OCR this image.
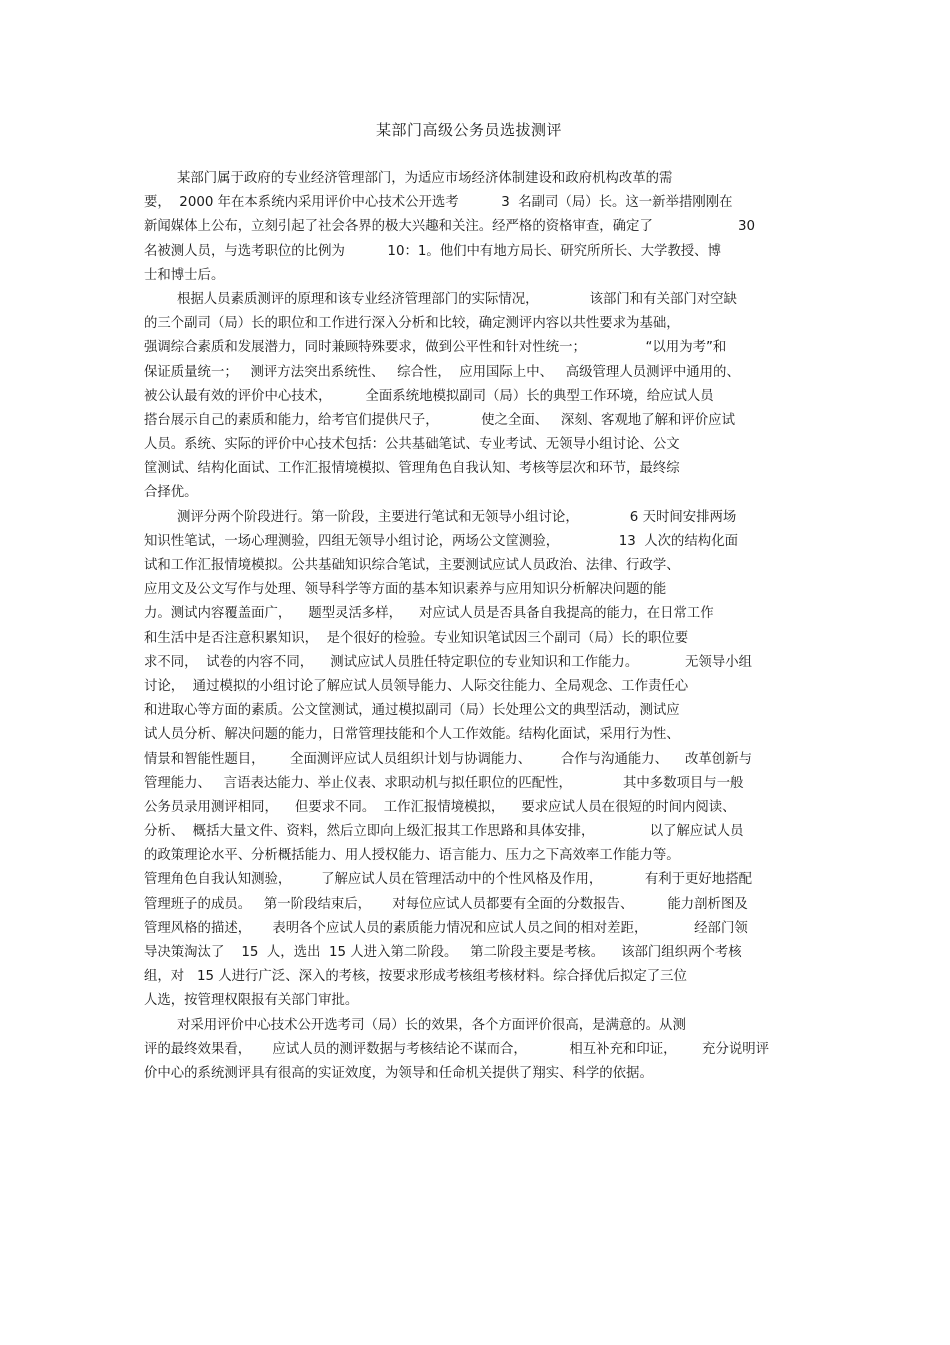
某部门高级公务员选拔测评
某部门属于政府的专业经济管理部门，为适应市场经济体制建设和政府机构改革的需
要，  2000 年在本系统内采用评价中心技术公开选考          3  名副司（局）长。这一新举措刚刚在
新闻媒体上公布，立刻引起了社会各界的极大兴趣和关注。经严格的资格审查，确定了                    30
名被测人员，与选考职位的比例为          10：1。他们中有地方局长、研究所所长、大学教授、博
士和博士后。
根据人员素质测评的原理和该专业经济管理部门的实际情况，            该部门和有关部门对空缺
的三个副司（局）长的职位和工作进行深入分析和比较，确定测评内容以共性要求为基础，
强调综合素质和发展潜力，同时兼顾特殊要求，做到公平性和针对性统一；              “以用为考”和
保证质量统一；   测评方法突出系统性、   综合性，  应用国际上中、   高级管理人员测评中通用的、
被公认最有效的评价中心技术，        全面系统地模拟副司（局）长的典型工作环境，给应试人员
搭台展示自己的素质和能力，给考官们提供尺子，          使之全面、   深刻、客观地了解和评价应试
人员。系统、实际的评价中心技术包括：公共基础笔试、专业考试、无领导小组讨论、公文
筐测试、结构化面试、工作汇报情境模拟、管理角色自我认知、考核等层次和环节，最终综
合择优。
测评分两个阶段进行。第一阶段，主要进行笔试和无领导小组讨论，            6 天时间安排两场
知识性笔试，一场心理测验，四组无领导小组讨论，两场公文筐测验，              13  人次的结构化面
试和工作汇报情境模拟。公共基础知识综合笔试，主要测试应试人员政治、法律、行政学、
应用文及公文写作与处理、领导科学等方面的基本知识素养与应用知识分析解决问题的能
力。测试内容覆盖面广，    题型灵活多样，    对应试人员是否具备自我提高的能力，在日常工作
和生活中是否注意积累知识，  是个很好的检验。专业知识笔试因三个副司（局）长的职位要
求不同，  试卷的内容不同，    测试应试人员胜任特定职位的专业知识和工作能力。           无领导小组
讨论，  通过模拟的小组讨论了解应试人员领导能力、人际交往能力、全局观念、工作责任心
和进取心等方面的素质。公文筐测试，通过模拟副司（局）长处理公文的典型活动，测试应
试人员分析、解决问题的能力，日常管理技能和个人工作效能。结构化面试，采用行为性、
情景和智能性题目，      全面测评应试人员组织计划与协调能力、       合作与沟通能力、    改革创新与
管理能力、   言语表达能力、举止仪表、求职动机与拟任职位的匹配性，            其中多数项目与一般
公务员录用测评相同，    但要求不同。  工作汇报情境模拟，    要求应试人员在很短的时间内阅读、
分析、  概括大量文件、资料，然后立即向上级汇报其工作思路和具体安排，             以了解应试人员
的政策理论水平、分析概括能力、用人授权能力、语言能力、压力之下高效率工作能力等。
管理角色自我认知测验，       了解应试人员在管理活动中的个性风格及作用，          有利于更好地搭配
管理班子的成员。   第一阶段结束后，     对每位应试人员都要有全面的分数报告、        能力剖析图及
管理风格的描述，     表明各个应试人员的素质能力情况和应试人员之间的相对差距，           经部门领
导决策淘汰了    15  人，选出  15 人进入第二阶段。   第二阶段主要是考核。    该部门组织两个考核
组，对   15 人进行广泛、深入的考核，按要求形成考核组考核材料。综合择优后拟定了三位
人选，按管理权限报有关部门审批。
对采用评价中心技术公开选考司（局）长的效果，各个方面评价很高，是满意的。从测
评的最终效果看，     应试人员的测评数据与考核结论不谋而合，          相互补充和印证，      充分说明评
价中心的系统测评具有很高的实证效度，为领导和任命机关提供了翔实、科学的依据。
